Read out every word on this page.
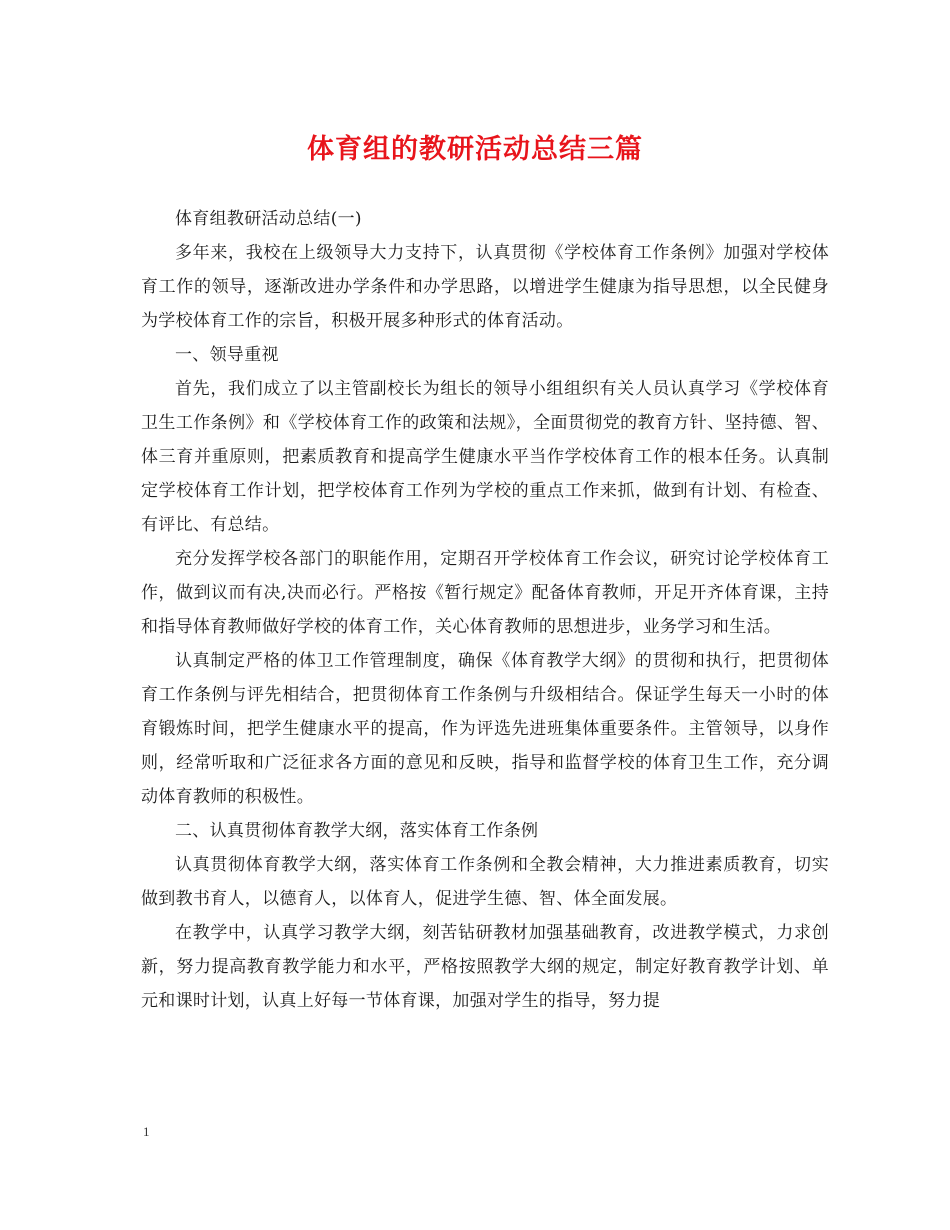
体育组的教研活动总结三篇

体育组教研活动总结(一)

多年来，我校在上级领导大力支持下，认真贯彻《学校体育工作条例》加强对学校体育工作的领导，逐渐改进办学条件和办学思路，以增进学生健康为指导思想，以全民健身为学校体育工作的宗旨，积极开展多种形式的体育活动。

一、领导重视

首先，我们成立了以主管副校长为组长的领导小组组织有关人员认真学习《学校体育卫生工作条例》和《学校体育工作的政策和法规》，全面贯彻党的教育方针、坚持德、智、体三育并重原则，把素质教育和提高学生健康水平当作学校体育工作的根本任务。认真制定学校体育工作计划，把学校体育工作列为学校的重点工作来抓，做到有计划、有检查、有评比、有总结。

充分发挥学校各部门的职能作用，定期召开学校体育工作会议，研究讨论学校体育工作，做到议而有决,决而必行。严格按《暂行规定》配备体育教师，开足开齐体育课，主持和指导体育教师做好学校的体育工作，关心体育教师的思想进步，业务学习和生活。

认真制定严格的体卫工作管理制度，确保《体育教学大纲》的贯彻和执行，把贯彻体育工作条例与评先相结合，把贯彻体育工作条例与升级相结合。保证学生每天一小时的体育锻炼时间，把学生健康水平的提高，作为评选先进班集体重要条件。主管领导，以身作则，经常听取和广泛征求各方面的意见和反映，指导和监督学校的体育卫生工作，充分调动体育教师的积极性。

二、认真贯彻体育教学大纲，落实体育工作条例

认真贯彻体育教学大纲，落实体育工作条例和全教会精神，大力推进素质教育，切实做到教书育人，以德育人，以体育人，促进学生德、智、体全面发展。

在教学中，认真学习教学大纲，刻苦钻研教材加强基础教育，改进教学模式，力求创新，努力提高教育教学能力和水平，严格按照教学大纲的规定，制定好教育教学计划、单元和课时计划，认真上好每一节体育课，加强对学生的指导，努力提

1
